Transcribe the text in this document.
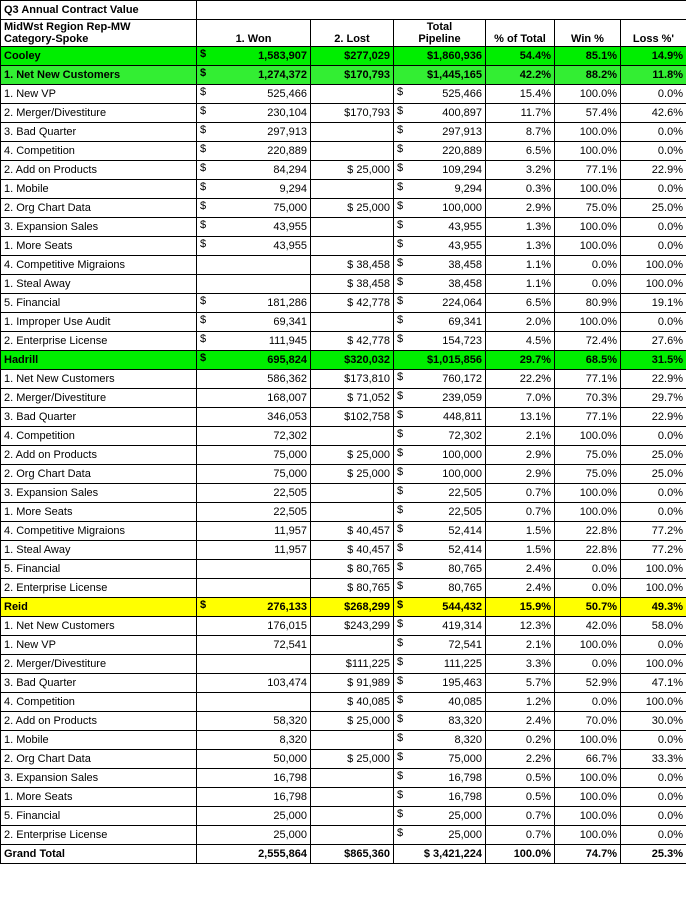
Q3 Annual Contract Value						

MidWst Region Rep-MW
Category-Spoke	1. Won	2. Lost	
Total
Pipeline	% of Total	Win %	Loss %'
Cooley	$ 1,583,907	$277,029	$1,860,936	54.4%	85.1%	14.9%
1. Net New Customers	$ 1,274,372	$170,793	$1,445,165	42.2%	88.2%	11.8%
1. New VP	$ 525,466		$ 525,466	15.4%	100.0%	0.0%
2. Merger/Divestiture	$ 230,104	$170,793	$ 400,897	11.7%	57.4%	42.6%
3. Bad Quarter	$ 297,913		$ 297,913	8.7%	100.0%	0.0%
4. Competition	$ 220,889		$ 220,889	6.5%	100.0%	0.0%
2. Add on Products	$ 84,294	$ 25,000	$ 109,294	3.2%	77.1%	22.9%
1. Mobile	$ 9,294		$ 9,294	0.3%	100.0%	0.0%
2. Org Chart Data	$ 75,000	$ 25,000	$ 100,000	2.9%	75.0%	25.0%
3. Expansion Sales	$ 43,955		$ 43,955	1.3%	100.0%	0.0%
1. More Seats	$ 43,955		$ 43,955	1.3%	100.0%	0.0%
4. Competitive Migraions		$ 38,458	$ 38,458	1.1%	0.0%	100.0%
1. Steal Away		$ 38,458	$ 38,458	1.1%	0.0%	100.0%
5. Financial	$ 181,286	$ 42,778	$ 224,064	6.5%	80.9%	19.1%
1. Improper Use Audit	$ 69,341		$ 69,341	2.0%	100.0%	0.0%
2. Enterprise License	$ 111,945	$ 42,778	$ 154,723	4.5%	72.4%	27.6%
Hadrill	$ 695,824	$320,032	$1,015,856	29.7%	68.5%	31.5%
1. Net New Customers	586,362	$173,810	$ 760,172	22.2%	77.1%	22.9%
2. Merger/Divestiture	168,007	$ 71,052	$ 239,059	7.0%	70.3%	29.7%
3. Bad Quarter	346,053	$102,758	$ 448,811	13.1%	77.1%	22.9%
4. Competition	72,302		$ 72,302	2.1%	100.0%	0.0%
2. Add on Products	75,000	$ 25,000	$ 100,000	2.9%	75.0%	25.0%
2. Org Chart Data	75,000	$ 25,000	$ 100,000	2.9%	75.0%	25.0%
3. Expansion Sales	22,505		$ 22,505	0.7%	100.0%	0.0%
1. More Seats	22,505		$ 22,505	0.7%	100.0%	0.0%
4. Competitive Migraions	11,957	$ 40,457	$ 52,414	1.5%	22.8%	77.2%
1. Steal Away	11,957	$ 40,457	$ 52,414	1.5%	22.8%	77.2%
5. Financial		$ 80,765	$ 80,765	2.4%	0.0%	100.0%
2. Enterprise License		$ 80,765	$ 80,765	2.4%	0.0%	100.0%
Reid	$ 276,133	$268,299	$ 544,432	15.9%	50.7%	49.3%
1. Net New Customers	176,015	$243,299	$ 419,314	12.3%	42.0%	58.0%
1. New VP	72,541		$ 72,541	2.1%	100.0%	0.0%
2. Merger/Divestiture		$111,225	$ 111,225	3.3%	0.0%	100.0%
3. Bad Quarter	103,474	$ 91,989	$ 195,463	5.7%	52.9%	47.1%
4. Competition		$ 40,085	$ 40,085	1.2%	0.0%	100.0%
2. Add on Products	58,320	$ 25,000	$ 83,320	2.4%	70.0%	30.0%
1. Mobile	8,320		$ 8,320	0.2%	100.0%	0.0%
2. Org Chart Data	50,000	$ 25,000	$ 75,000	2.2%	66.7%	33.3%
3. Expansion Sales	16,798		$ 16,798	0.5%	100.0%	0.0%
1. More Seats	16,798		$ 16,798	0.5%	100.0%	0.0%
5. Financial	25,000		$ 25,000	0.7%	100.0%	0.0%
2. Enterprise License	25,000		$ 25,000	0.7%	100.0%	0.0%
Grand Total	2,555,864	$865,360	$ 3,421,224	100.0%	74.7%	25.3%
